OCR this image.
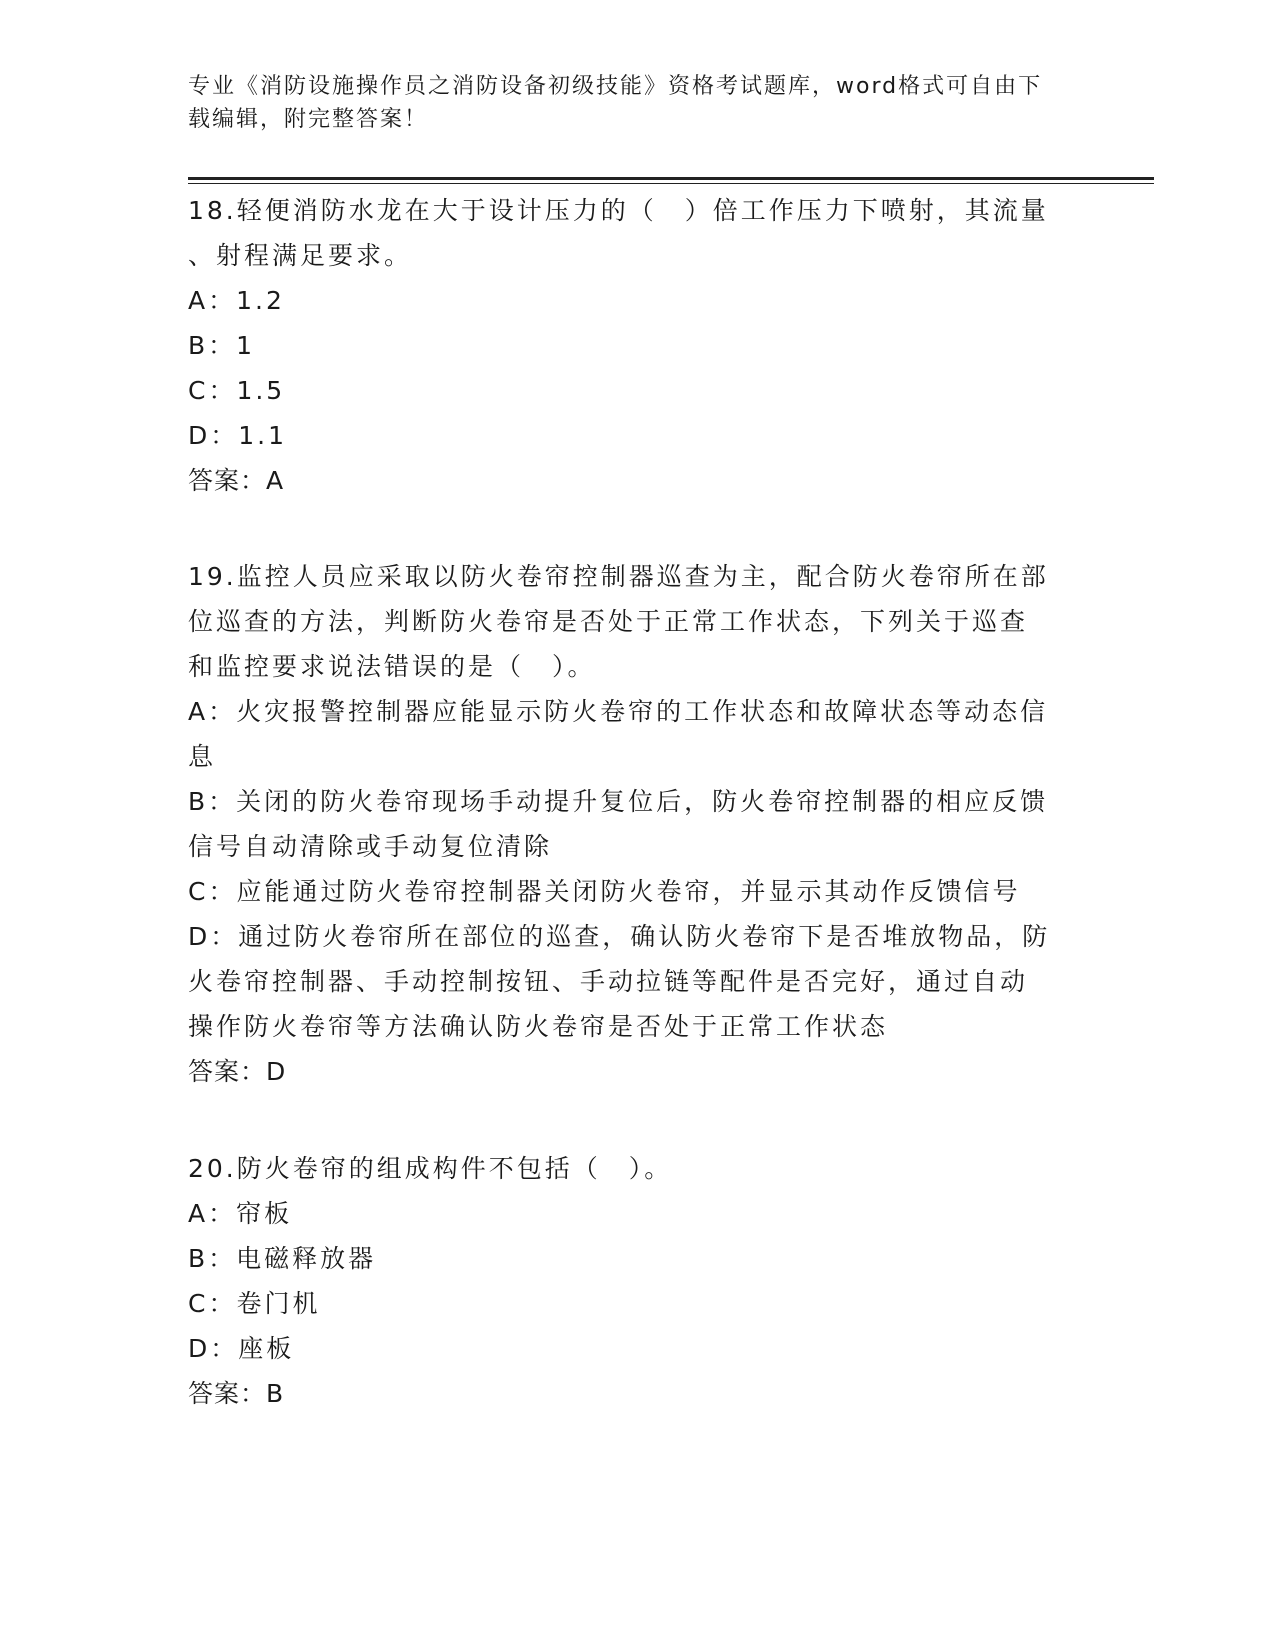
专业《消防设施操作员之消防设备初级技能》资格考试题库，word格式可自由下
载编辑，附完整答案！
18.轻便消防水龙在大于设计压力的（　）倍工作压力下喷射，其流量
、射程满足要求。
A：1.2
B：1
C：1.5
D：1.1
答案：A
19.监控人员应采取以防火卷帘控制器巡查为主，配合防火卷帘所在部
位巡查的方法，判断防火卷帘是否处于正常工作状态，下列关于巡查
和监控要求说法错误的是（　）。
A：火灾报警控制器应能显示防火卷帘的工作状态和故障状态等动态信
息
B：关闭的防火卷帘现场手动提升复位后，防火卷帘控制器的相应反馈
信号自动清除或手动复位清除
C：应能通过防火卷帘控制器关闭防火卷帘，并显示其动作反馈信号
D：通过防火卷帘所在部位的巡查，确认防火卷帘下是否堆放物品，防
火卷帘控制器、手动控制按钮、手动拉链等配件是否完好，通过自动
操作防火卷帘等方法确认防火卷帘是否处于正常工作状态
答案：D
20.防火卷帘的组成构件不包括（　）。
A：帘板
B：电磁释放器
C：卷门机
D：座板
答案：B
